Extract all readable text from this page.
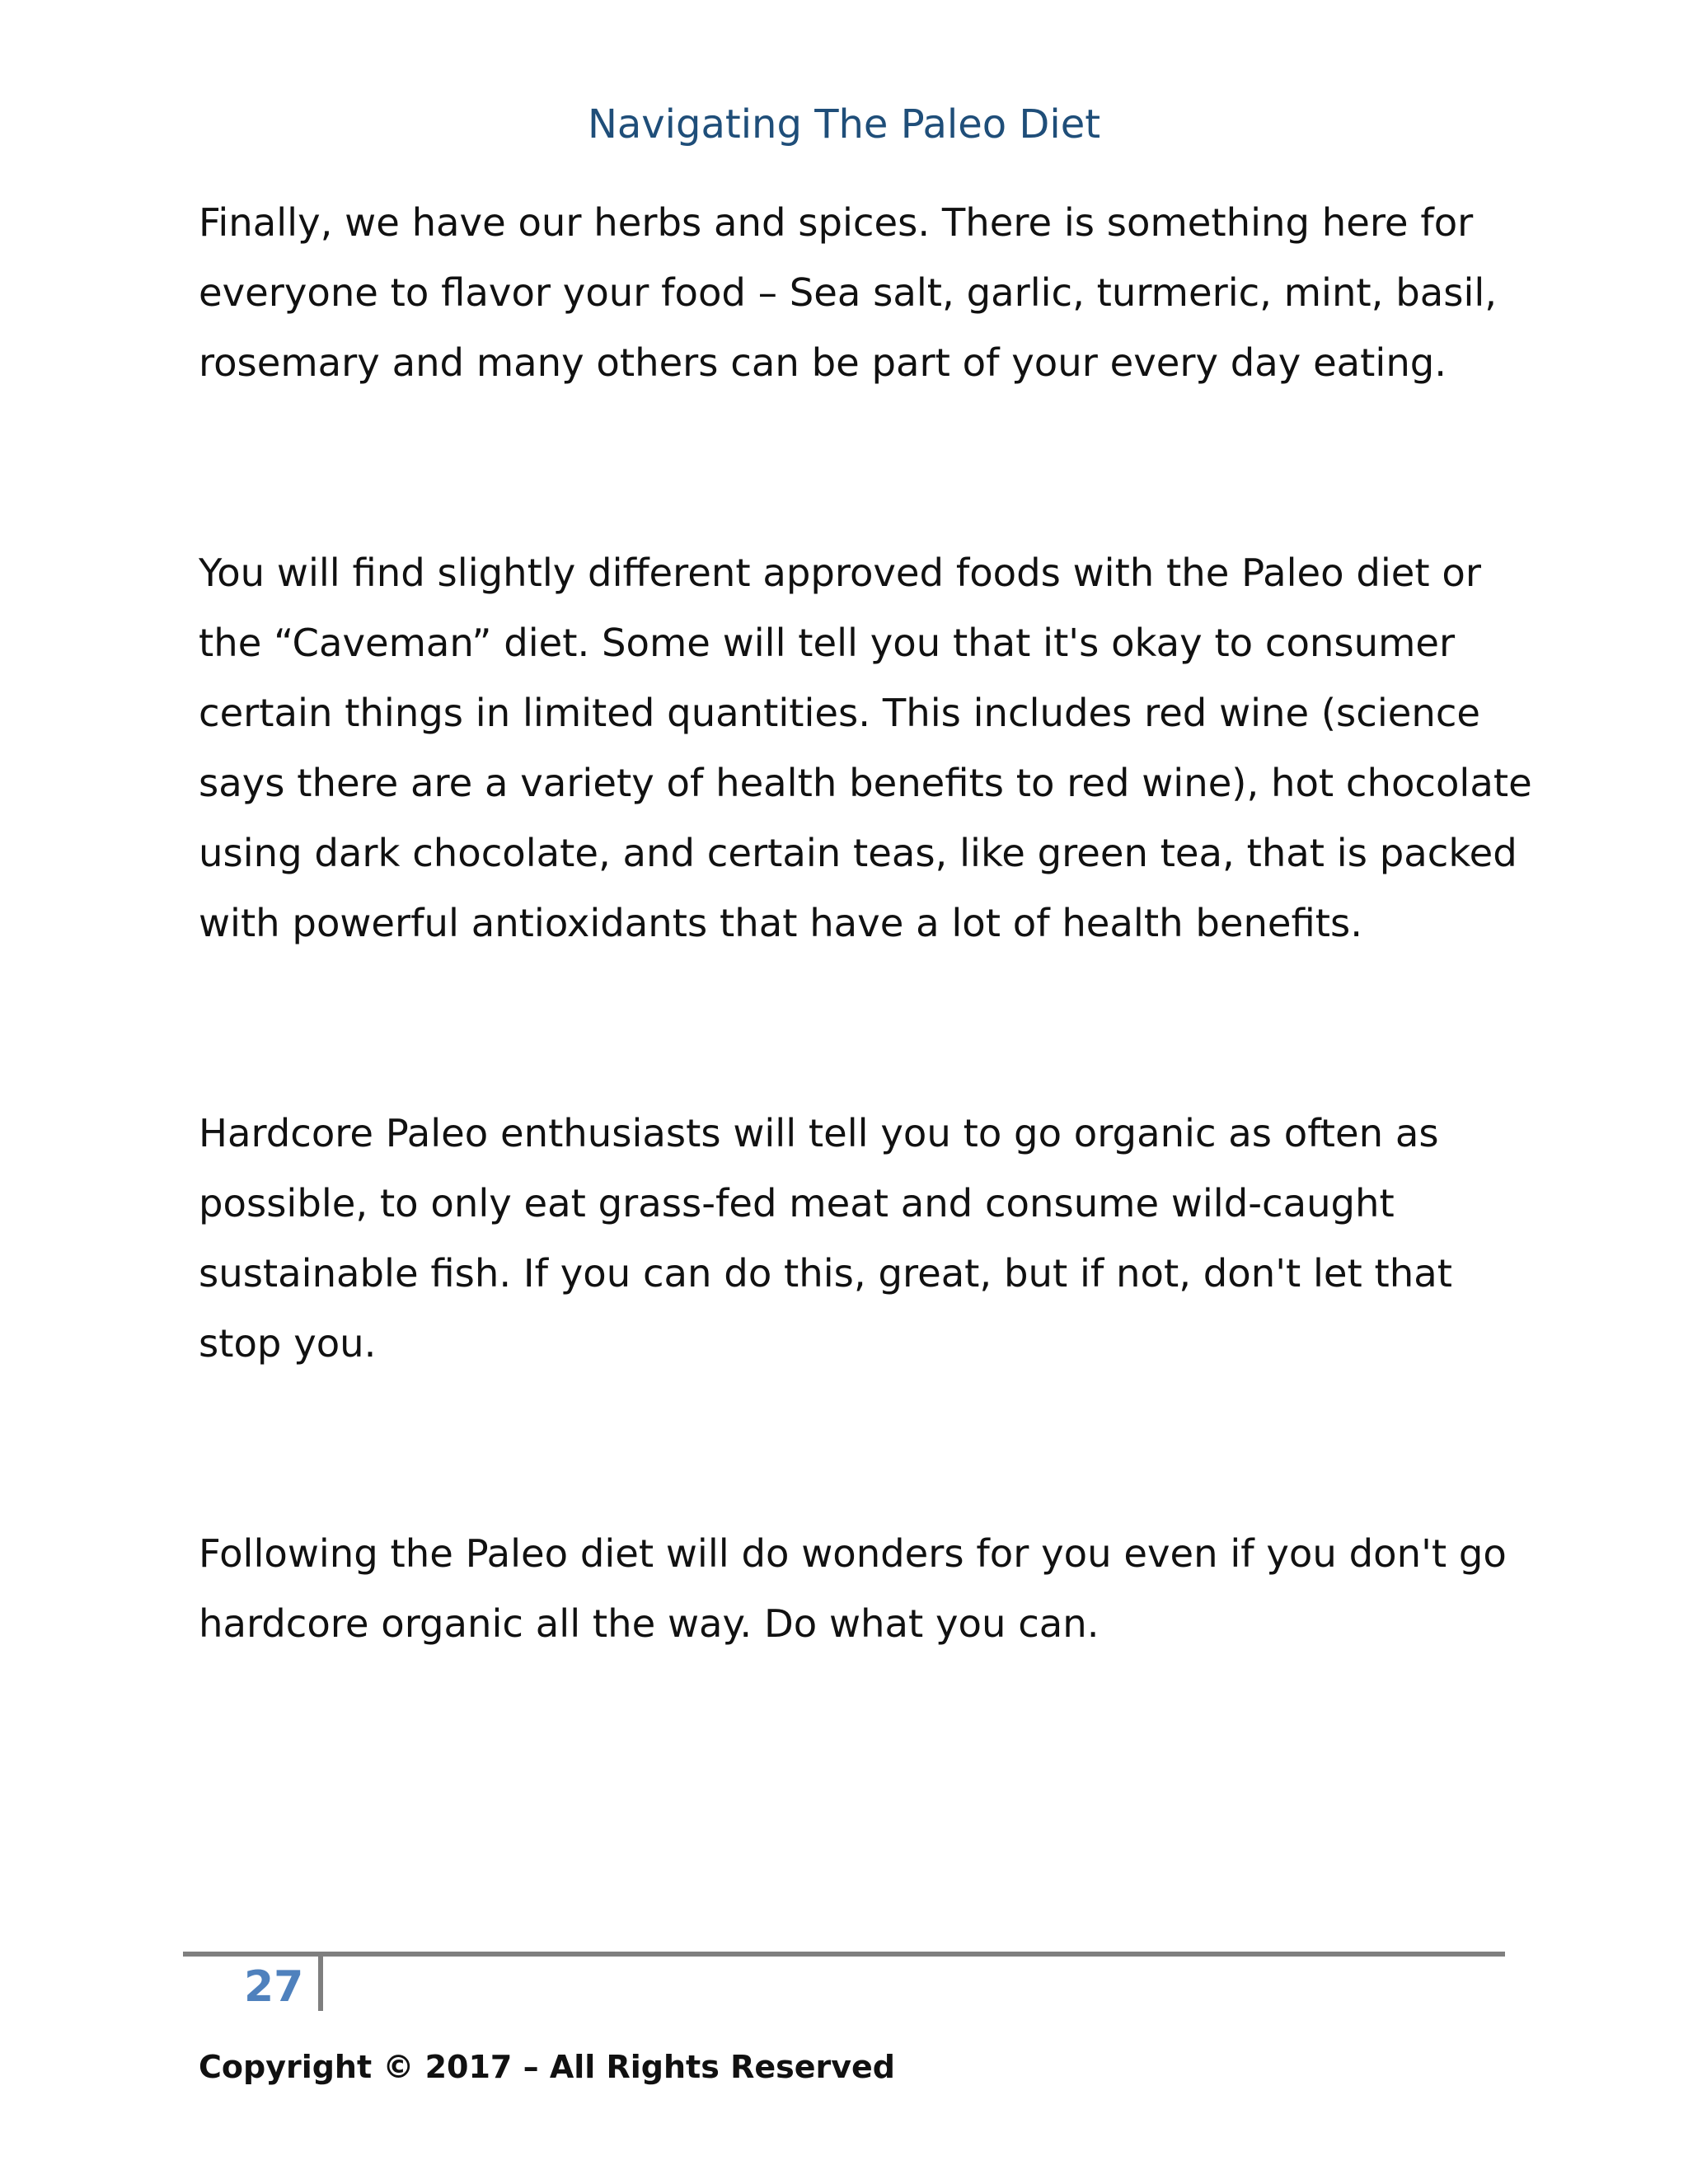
Navigating The Paleo Diet

Finally, we have our herbs and spices. There is something here for everyone to flavor your food – Sea salt, garlic, turmeric, mint, basil, rosemary and many others can be part of your every day eating.

You will find slightly different approved foods with the Paleo diet or the “Caveman” diet. Some will tell you that it's okay to consumer certain things in limited quantities. This includes red wine (science says there are a variety of health benefits to red wine), hot chocolate using dark chocolate, and certain teas, like green tea, that is packed with powerful antioxidants that have a lot of health benefits.

Hardcore Paleo enthusiasts will tell you to go organic as often as possible, to only eat grass-fed meat and consume wild-caught sustainable fish. If you can do this, great, but if not, don't let that stop you.

Following the Paleo diet will do wonders for you even if you don't go hardcore organic all the way. Do what you can.

27
Copyright © 2017 – All Rights Reserved
